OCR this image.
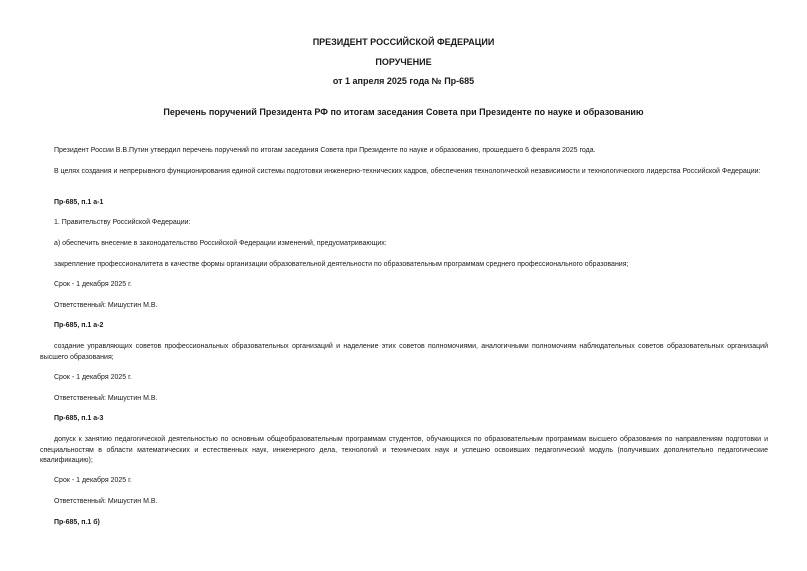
ПРЕЗИДЕНТ РОССИЙСКОЙ ФЕДЕРАЦИИ
ПОРУЧЕНИЕ
от 1 апреля 2025 года № Пр-685
Перечень поручений Президента РФ по итогам заседания Совета при Президенте по науке и образованию
Президент России В.В.Путин утвердил перечень поручений по итогам заседания Совета при Президенте по науке и образованию, прошедшего 6 февраля 2025 года.
В целях создания и непрерывного функционирования единой системы подготовки инженерно-технических кадров, обеспечения технологической независимости и технологического лидерства Российской Федерации:
Пр-685, п.1 а-1
1. Правительству Российской Федерации:
а) обеспечить внесение в законодательство Российской Федерации изменений, предусматривающих:
закрепление профессионалитета в качестве формы организации образовательной деятельности по образовательным программам среднего профессионального образования;
Срок - 1 декабря 2025 г.
Ответственный: Мишустин М.В.
Пр-685, п.1 а-2
создание управляющих советов профессиональных образовательных организаций и наделение этих советов полномочиями, аналогичными полномочиям наблюдательных советов образовательных организаций высшего образования;
Срок - 1 декабря 2025 г.
Ответственный: Мишустин М.В.
Пр-685, п.1 а-3
допуск к занятию педагогической деятельностью по основным общеобразовательным программам студентов, обучающихся по образовательным программам высшего образования по направлениям подготовки и специальностям в области математических и естественных наук, инженерного дела, технологий и технических наук и успешно освоивших педагогический модуль (получивших дополнительно педагогические квалификацию);
Срок - 1 декабря 2025 г.
Ответственный: Мишустин М.В.
Пр-685, п.1 б)
